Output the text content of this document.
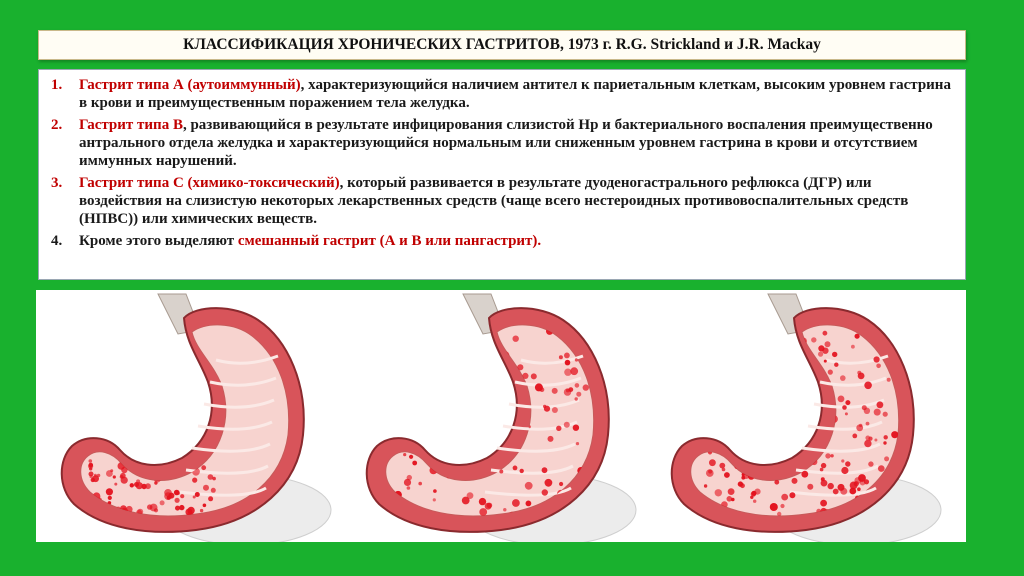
КЛАССИФИКАЦИЯ ХРОНИЧЕСКИХ ГАСТРИТОВ, 1973 г. R.G. Strickland и J.R. Mackay
1.	Гастрит типа А (аутоиммунный), характеризующийся наличием антител к париетальным клеткам, высоким уровнем гастрина в крови и преимущественным поражением тела желудка.
2.	Гастрит типа В, развивающийся в результате инфицирования слизистой Hp и бактериального воспаления преимущественно антрального отдела желудка и характеризующийся нормальным или сниженным уровнем гастрина в крови и отсутствием иммунных нарушений.
3.	Гастрит типа С (химико-токсический), который развивается в результате дуоденогастрального рефлюкса (ДГР) или воздействия на слизистую некоторых лекарственных средств (чаще всего нестероидных противовоспалительных средств (НПВС)) или химических веществ.
4.	Кроме этого выделяют смешанный гастрит (А и В или пангастрит).
